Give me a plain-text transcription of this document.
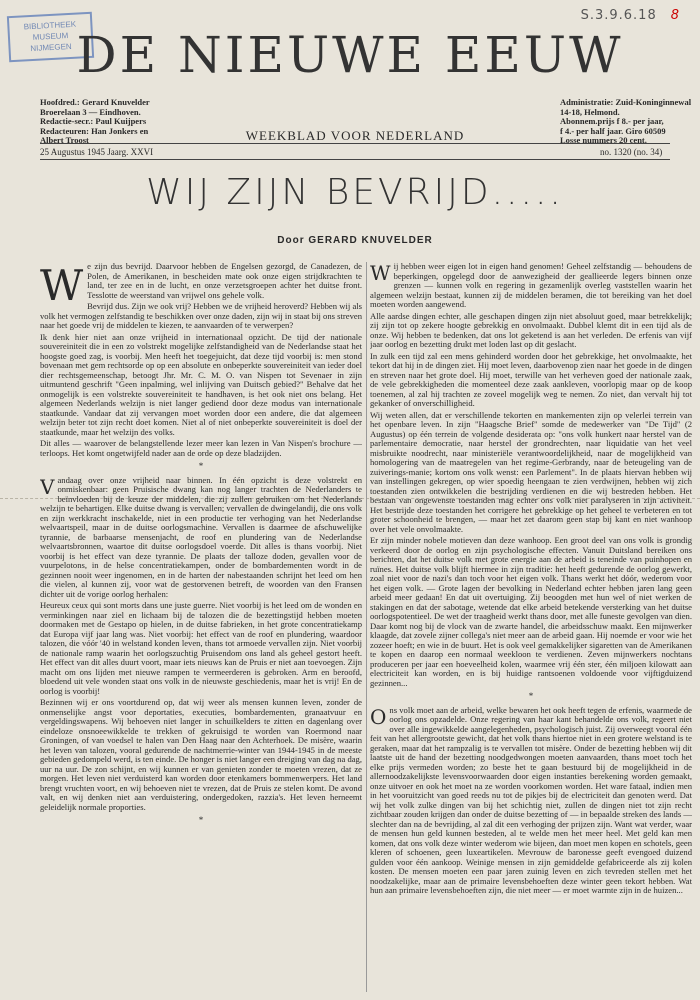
BIBLIOTHEEK
MUSEUM
NIJMEGEN
S.3.9.6.18 8
DE NIEUWE EEUW
Hoofdred.: Gerard Knuvelder
Broerelaan 3 — Eindhoven.
Redactie-secr.: Paul Kuijpers
Redacteuren: Han Jonkers en
Albert Troost	WEEKBLAD VOOR NEDERLAND
Administratie: Zuid-Koninginnewal 14-18, Helmond.
Abonnem.prijs f 8.- per jaar,
f 4.- per half jaar. Giro 60509
Losse nummers 20 cent.
25 Augustus 1945 Jaarg. XXVI	no. 1320 (no. 34)
WIJ ZIJN BEVRIJD.....
Door GERARD KNUVELDER

We zijn dus bevrijd. Daarvoor hebben de Engelsen gezorgd, de Canadezen, de Polen, de Amerikanen, in bescheiden mate ook onze eigen strijdkrachten te land, ter zee en in de lucht, en onze verzetsgroepen achter het duitse front. Tesslotte de weerstand van vrijwel ons gehele volk.

Bevrijd dus. Zijn we ook vrij? Hebben we de vrijheid heroverd? Hebben wij als volk het vermogen zelfstandig te beschikken over onze daden, zijn wij in staat bij ons streven naar het goede vrij de middelen te kiezen, te aanvaarden of te verwerpen?

Ik denk hier niet aan onze vrijheid in internationaal opzicht. De tijd der nationale souvereiniteit die in een zo volstrekt mogelijke zelfstandigheid van de Nederlandse staat het hoogste goed zag, is voorbij. Men heeft het toegejuicht, dat deze tijd voorbij is: men stond bovenaan met gem rechtsorde op op een absolute en onbeperkte souvereiniteit van ieder doel dier rechtsgemeenschap, betoogt Jhr. Mr. C. M. O. van Nispen tot Sevenaer in zijn uitmuntend geschrift "Geen inpalming, wel inlijving van Duitsch gebied?" Behalve dat het onmogelijk is een volstrekte souvereiniteit te handhaven, is het ook niet ons belang. Het algemeen Nederlands welzijn is niet langer gediend door deze modus van internationale staatkunde. Vandaar dat zij vervangen moet worden door een andere, die dat algemeen welzijn beter tot zijn recht doet komen. Niet al of niet onbeperkte souvereiniteit is doel der staatkunde, maar het welzijn des volks.

Dit alles — waarover de belangstellende lezer meer kan lezen in Van Nispen's brochure — terloops. Het komt ongetwijfeld nader aan de orde op deze bladzijden.

*

Vandaag over onze vrijheid naar binnen. In één opzicht is deze volstrekt en onmiskenbaar: geen Pruisische dwang kan nog langer trachten de Nederlanders te beïnvloeden bij de keuze der middelen, die zij zullen gebruiken om het Nederlands welzijn te behartigen. Elke duitse dwang is vervallen; vervallen de dwingelandij, die ons volk en zijn werkkracht inschakelde, niet in een productie ter verhoging van het Nederlandse welvaartspeil, maar in de duitse oorlogsmachine. Vervallen is daarmee de afschuwelijke tyrannie, de barbaarse mensenjacht, de roof en plundering van de Nederlandse welvaartsbronnen, waartoe dit duitse oorlogsdoel voerde. Dit alles is thans voorbij. Niet voorbij is het effect van deze tyrannie. De plaats der talloze doden, gevallen voor de vuurpelotons, in de helse concentratiekampen, onder de bombardementen wordt in de gezinnen nooit weer ingenomen, en in de harten der nabestaanden schrijnt het leed om hen die vielen, al kunnen zij, voor wat de gestorvenen betreft, de woorden van den Fransen dichter uit de vorige oorlog herhalen:

Heureux ceux qui sont morts dans une juste guerre. Niet voorbij is het leed om de wonden en verminkingen naar ziel en lichaam bij de talozen die de bezettingstijd hebben moeten doormaken met de Gestapo op hielen, in de duitse fabrieken, in het grote concentratiekamp dat Europa vijf jaar lang was. Niet voorbij: het effect van de roof en plundering, waardoor talozen, die vóór '40 in welstand konden leven, thans tot armoede vervallen zijn. Niet voorbij de nationale ramp waarin het oorlogszuchtig Pruisendom ons land als geheel gestort heeft. Het effect van dit alles duurt voort, maar iets nieuws kan de Pruis er niet aan toevoegen. Zijn macht om ons lijden met nieuwe rampen te vermeerderen is gebroken. Arm en beroofd, bloedend uit vele wonden staat ons volk in de nieuwste geschiedenis, maar het is vrij! En de oorlog is voorbij!

Bezinnen wij er ons voortdurend op, dat wij weer als mensen kunnen leven, zonder de onmenselijke angst voor deportaties, executies, bombardementen, granaatvuur en vergeldingswapens. Wij behoeven niet langer in schuilkelders te zitten en dagenlang over eindeloze onsnoeewikkelde te trekken of gekruisigd te worden van Roermond naar Groningen, of van voedsel te halen van Den Haag naar den Achterhoek. De misère, waarin het leven van talozen, vooral gedurende de nachtmerrie-winter van 1944-1945 in de meeste gebieden gedompeld werd, is ten einde. De honger is niet langer een dreiging van dag na dag, uur na uur. De zon schijnt, en wij kunnen er van genieten zonder te moeten vrezen, dat ze morgen. Het leven niet verduisterd kan worden door etenkamers bommenwerpers. Het land brengt vruchten voort, en wij behoeven niet te vrezen, dat de Pruis ze stelen komt. De avond valt, en wij denken niet aan verduistering, ondergedoken, razzia's. Het leven herneemt geleidelijk normale proporties.

*

Wij hebben weer eigen lot in eigen hand genomen! Geheel zelfstandig — behoudens de beperkingen, opgelegd door de aanwezigheid der geallieerde legers binnen onze grenzen — kunnen volk en regering in gezamenlijk overleg vaststellen waarin het algemeen welzijn bestaat, kunnen zij de middelen beramen, die tot bereiking van het doel moeten worden aangewend.

Alle aardse dingen echter, alle geschapen dingen zijn niet absoluut goed, maar betrekkelijk; zij zijn tot op zekere hoogte gebrekkig en onvolmaakt. Dubbel klemt dit in een tijd als de onze. Wij hebben te bedenken, dat ons lot geketend is aan het verleden. De erfenis van vijf jaar oorlog en bezetting drukt met loden last op dit geslacht.

In zulk een tijd zal een mens gehinderd worden door het gebrekkige, het onvolmaakte, het tekort dat hij in de dingen ziet. Hij moet leven, daarbovenop zien naar het goede in de dingen en streven naar het grote doel. Hij moet, terwille van het verheven goed der nationale zaak, de vele gebrekkigheden die momenteel deze zaak aankleven, voorlopig maar op de koop toenemen, al zal hij trachten ze zoveel mogelijk weg te nemen. Zo niet, dan vervalt hij tot gekanker of onverschilligheid.

Wij weten allen, dat er verschillende tekorten en mankementen zijn op velerlei terrein van het openbare leven. In zijn "Haagsche Brief" somde de medewerker van "De Tijd" (2 Augustus) op één terrein de volgende desiderata op: "ons volk hunkert naar herstel van de parlementaire democratie, naar herstel der grondrechten, naar liquidatie van het veel misbruikte noodrecht, naar ministeriële verantwoordelijkheid, naar de mogelijkheid van homologering van de maatregelen van het regime-Gerbrandy, naar de beteugeling van de zuiverings-manie; kortom ons volk wenst: een Parlement". In de plaats hiervan hebben wij van instellingen gekregen, op wier spoedig heengaan te zien verdwijnen, hebben wij zich toestanden zien ontwikkelen die bestrijding verdienen en die wij bestreden hebben. Het bestaan van ongewenste toestanden mag echter ons volk niet paralyseren in zijn activiteit. Het bestrijde deze toestanden het corrigere het gebrekkige op het geheel te verbeteren en tot groter schoonheid te brengen, — maar het zet daarom geen stap bij kant en niet wanhoop over het vele onvolmaakte.

Er zijn minder nobele motieven dan deze wanhoop. Een groot deel van ons volk is grondig verkeerd door de oorlog en zijn psychologische effecten. Vanuit Duitsland bereiken ons berichten, dat het duitse volk met grote energie aan de arbeid is teneinde van puinhopen en ruïnes. Het duitse volk blijft hiermee in zijn traditie: het heeft gedurende de oorlog gewerkt, zoal niet voor de nazi's dan toch voor het eigen volk. Thans werkt het dóór, wederom voor het eigen volk. — Grote lagen der bevolking in Nederland echter hebben jaren lang geen arbeid meer gedaan! En dat uit overtuiging. Zij beoogden met hun wel of niet werken de stakingen en dat der sabotage, wetende dat elke arbeid betekende versterking van het duitse oorlogspotentieel. De wet der traagheid werkt thans door, met alle funeste gevolgen van dien. Daar komt nog bij de vlock van de zwarte handel, die arbeidsschuw maakt. Een mijnwerker klaagde, dat zovele zijner collega's niet meer aan de arbeid gaan. Hij noemde er voor wie het zozeer hoeft; en wie in de buurt. Het is ook veel gemakkelijker sigaretten van de Amerikanen te kopen en daarop een normaal weekloon te verdienen. Zeven mijnwerkers nochtans produceren per jaar een hoeveelheid kolen, waarmee vrij één ster, één miljoen kilowatt aan electriciteit kan worden, en is bij huidige rantsoenen voldoende voor vijftigduizend gezinnen...

*

Ons volk moet aan de arbeid, welke bewaren het ook heeft tegen de erfenis, waarmede de oorlog ons opzadelde. Onze regering van haar kant behandelde ons volk, regeert niet over alle ingewikkelde aangelegenheden, psychologisch juist. Zij overweegt vooral één feit van het allergrootste gewicht, dat het volk thans hiertoe niet in een grotere welstand is te geraken, maar dat het rampzalig is te vervallen tot misère. Onder de bezetting hebben wij dit laatste uit de hand der bezetting noodgedwongen moeten aanvaarden, thans moet toch het elke prijs vermeden worden; zo beste het te gaan bestuurd bij de mogelijkheid in de allernoodzakelijkste levensvoorwaarden door eigen instanties berekening worden gemaakt, onze uitvoer en ook het moet na ze worden voorkomen worden. Het ware fataal, indien men in het vooruitzicht van goed reeds nu tot de pikjes bij de electriciteit dan genoten werd. Dat wij het volk zulke dingen van bij het schichtig niet, zullen de dingen niet tot zijn recht zichtbaar zouden krijgen dan onder de duitse bezetting of — in bepaalde streken des lands — slechter dan na de bevrijding, al zal dit een verhoging der prijzen zijn. Want wat verder, waar de mensen hun geld kunnen besteden, al te welde men het meer heel. Met geld kan men komen, dat ons volk deze winter wederom wie bijeen, dan moet men kopen en schotels, geen kleren of schoenen, geen luxeartikelen. Mevrouw de baronesse geeft evengoed duizend gulden voor één aankoop. Weinige mensen in zijn gemiddelde gefabriceerde als zij kolen kosten. De mensen moeten een paar jaren zuinig leven en zich tevreden stellen met het noodzakelijke, maar aan de primaire levensbehoeften deze winter geen tekort hebben. Wat hun aan primaire levensbehoeften zijn, die niet meer — er moet warmte zijn in de huizen...
